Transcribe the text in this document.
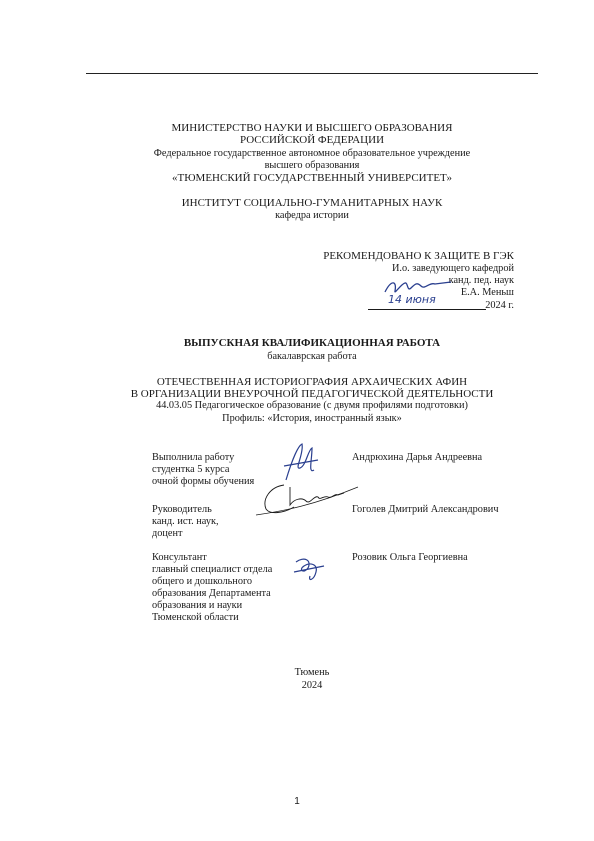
МИНИСТЕРСТВО НАУКИ И ВЫСШЕГО ОБРАЗОВАНИЯ
РОССИЙСКОЙ ФЕДЕРАЦИИ
Федеральное государственное автономное образовательное учреждение
высшего образования
«ТЮМЕНСКИЙ ГОСУДАРСТВЕННЫЙ УНИВЕРСИТЕТ»
ИНСТИТУТ СОЦИАЛЬНО-ГУМАНИТАРНЫХ НАУК
кафедра истории
РЕКОМЕНДОВАНО К ЗАЩИТЕ В ГЭК
И.о. заведующего кафедрой
канд. пед. наук
Е.А. Меньш
14 июня	2024 г.
ВЫПУСКНАЯ КВАЛИФИКАЦИОННАЯ РАБОТА
бакалаврская работа
ОТЕЧЕСТВЕННАЯ ИСТОРИОГРАФИЯ АРХАИЧЕСКИХ АФИН
В ОРГАНИЗАЦИИ ВНЕУРОЧНОЙ ПЕДАГОГИЧЕСКОЙ ДЕЯТЕЛЬНОСТИ
44.03.05 Педагогическое образование (с двумя профилями подготовки)
Профиль: «История, иностранный язык»
Выполнила работу
студентка 5 курса
очной формы обучения
Андрюхина Дарья Андреевна
Руководитель
канд. ист. наук,
доцент
Гоголев Дмитрий Александрович
Консультант
главный специалист отдела
общего и дошкольного
образования Департамента
образования и науки
Тюменской области
Розовик Ольга Георгиевна
Тюмень
2024
1
